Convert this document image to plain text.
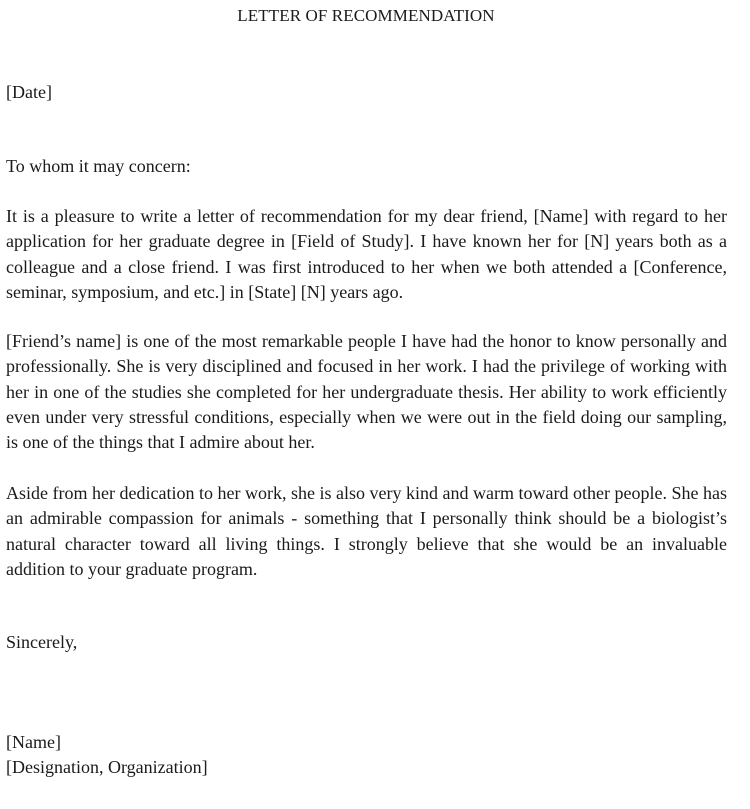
LETTER OF RECOMMENDATION
[Date]
To whom it may concern:

It is a pleasure to write a letter of recommendation for my dear friend, [Name] with regard to her application for her graduate degree in [Field of Study]. I have known her for [N] years both as a colleague and a close friend. I was first introduced to her when we both attended a [Conference, seminar, symposium, and etc.] in [State] [N] years ago.

[Friend’s name] is one of the most remarkable people I have had the honor to know personally and professionally. She is very disciplined and focused in her work. I had the privilege of working with her in one of the studies she completed for her undergraduate thesis. Her ability to work efficiently even under very stressful conditions, especially when we were out in the field doing our sampling, is one of the things that I admire about her.

Aside from her dedication to her work, she is also very kind and warm toward other people. She has an admirable compassion for animals - something that I personally think should be a biologist’s natural character toward all living things. I strongly believe that she would be an invaluable addition to your graduate program.

Sincerely,
[Name]
[Designation, Organization]
